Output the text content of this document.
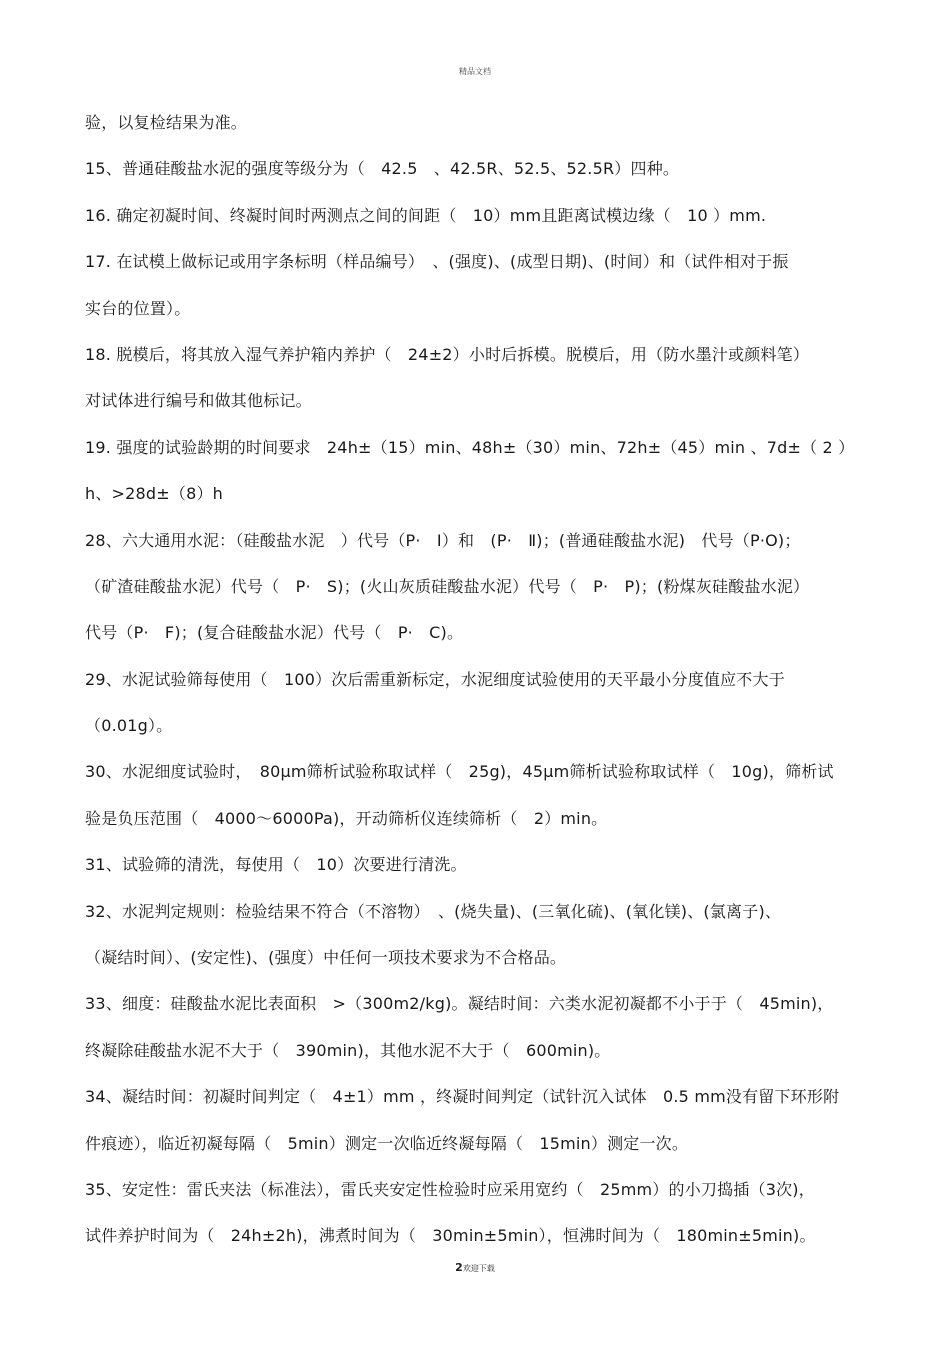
精品文档
验，以复检结果为准。
15、普通硅酸盐水泥的强度等级分为（　42.5　、42.5R、52.5、52.5R）四种。
16. 确定初凝时间、终凝时间时两测点之间的间距（　10）mm且距离试模边缘（　10 ）mm.
17. 在试模上做标记或用字条标明（样品编号）　、(强度)、(成型日期)、(时间）和（试件相对于振
实台的位置）。
18. 脱模后，将其放入湿气养护箱内养护（　24±2）小时后拆模。脱模后，用（防水墨汁或颜料笔）
对试体进行编号和做其他标记。
19. 强度的试验龄期的时间要求　24h±（15）min、48h±（30）min、72h±（45）min 、7d±（ 2 ）
h、>28d±（8）h
28、六大通用水泥：（硅酸盐水泥　）代号（P·　Ⅰ）和　(P·　Ⅱ)；(普通硅酸盐水泥)　代号（P·O)；
（矿渣硅酸盐水泥）代号（　P·　S)；(火山灰质硅酸盐水泥）代号（　P·　P)；(粉煤灰硅酸盐水泥）
代号（P·　F)；(复合硅酸盐水泥）代号（　P·　C)。
29、水泥试验筛每使用（　100）次后需重新标定，水泥细度试验使用的天平最小分度值应不大于
（0.01g）。
30、水泥细度试验时，　80μm筛析试验称取试样（　25g)，45μm筛析试验称取试样（　10g)，筛析试
验是负压范围（　4000～6000Pa)，开动筛析仪连续筛析（　2）min。
31、试验筛的清洗，每使用（　10）次要进行清洗。
32、水泥判定规则：检验结果不符合（不溶物）　、(烧失量)、(三氧化硫)、(氧化镁)、(氯离子)、
（凝结时间）、(安定性)、(强度）中任何一项技术要求为不合格品。
33、细度：硅酸盐水泥比表面积　>（300m2/kg)。凝结时间：六类水泥初凝都不小于于（　45min)，
终凝除硅酸盐水泥不大于（　390min)，其他水泥不大于（　600min)。
34、凝结时间：初凝时间判定（　4±1）mm ，终凝时间判定（试针沉入试体　0.5 mm没有留下环形附
件痕迹），临近初凝每隔（　5min）测定一次临近终凝每隔（　15min）测定一次。
35、安定性：雷氏夹法（标准法），雷氏夹安定性检验时应采用宽约（　25mm）的小刀捣插（3次)，
试件养护时间为（　24h±2h)，沸煮时间为（　30min±5min），恒沸时间为（　180min±5min)。
2欢迎下载
